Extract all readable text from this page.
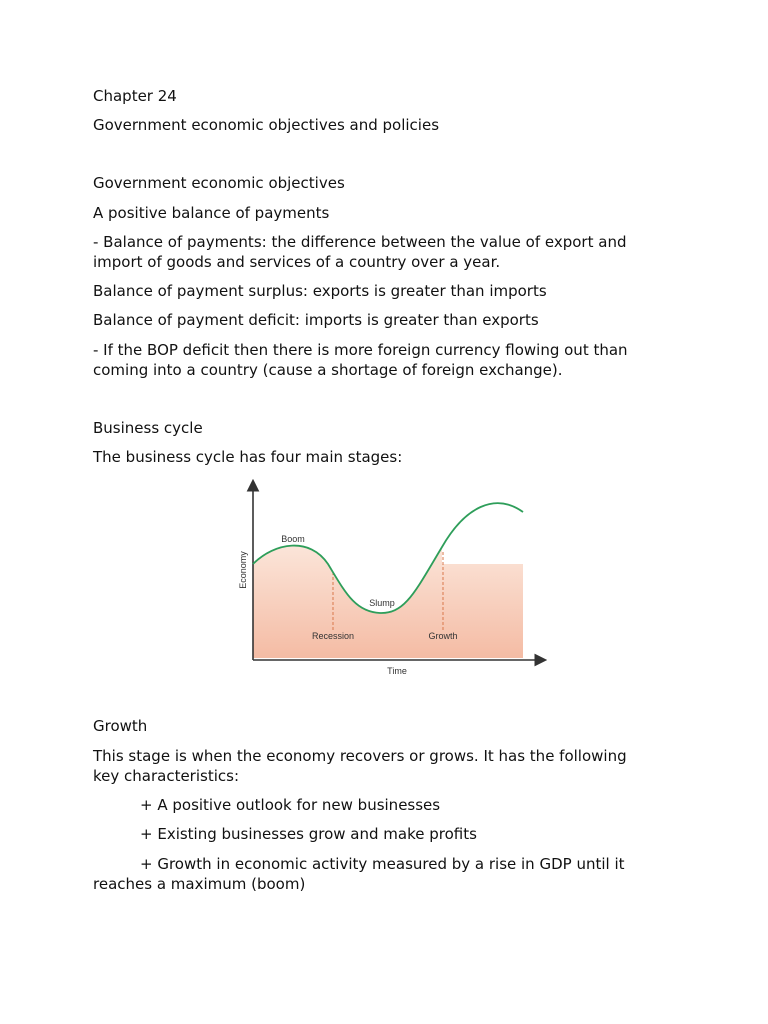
Chapter 24
Government economic objectives and policies
Government economic objectives
A positive balance of payments
- Balance of payments: the difference between the value of export and import of goods and services of a country over a year.
Balance of payment surplus: exports is greater than imports
Balance of payment deficit: imports is greater than exports
- If the BOP deficit then there is more foreign currency flowing out than coming into a country (cause a shortage of foreign exchange).
Business cycle
The business cycle has four main stages:
Growth
This stage is when the economy recovers or grows. It has the following key characteristics:
+ A positive outlook for new businesses
+ Existing businesses grow and make profits
+ Growth in economic activity measured by a rise in GDP until it reaches a maximum (boom)
Economy
Time
Boom
Slump
Recession	Growth
